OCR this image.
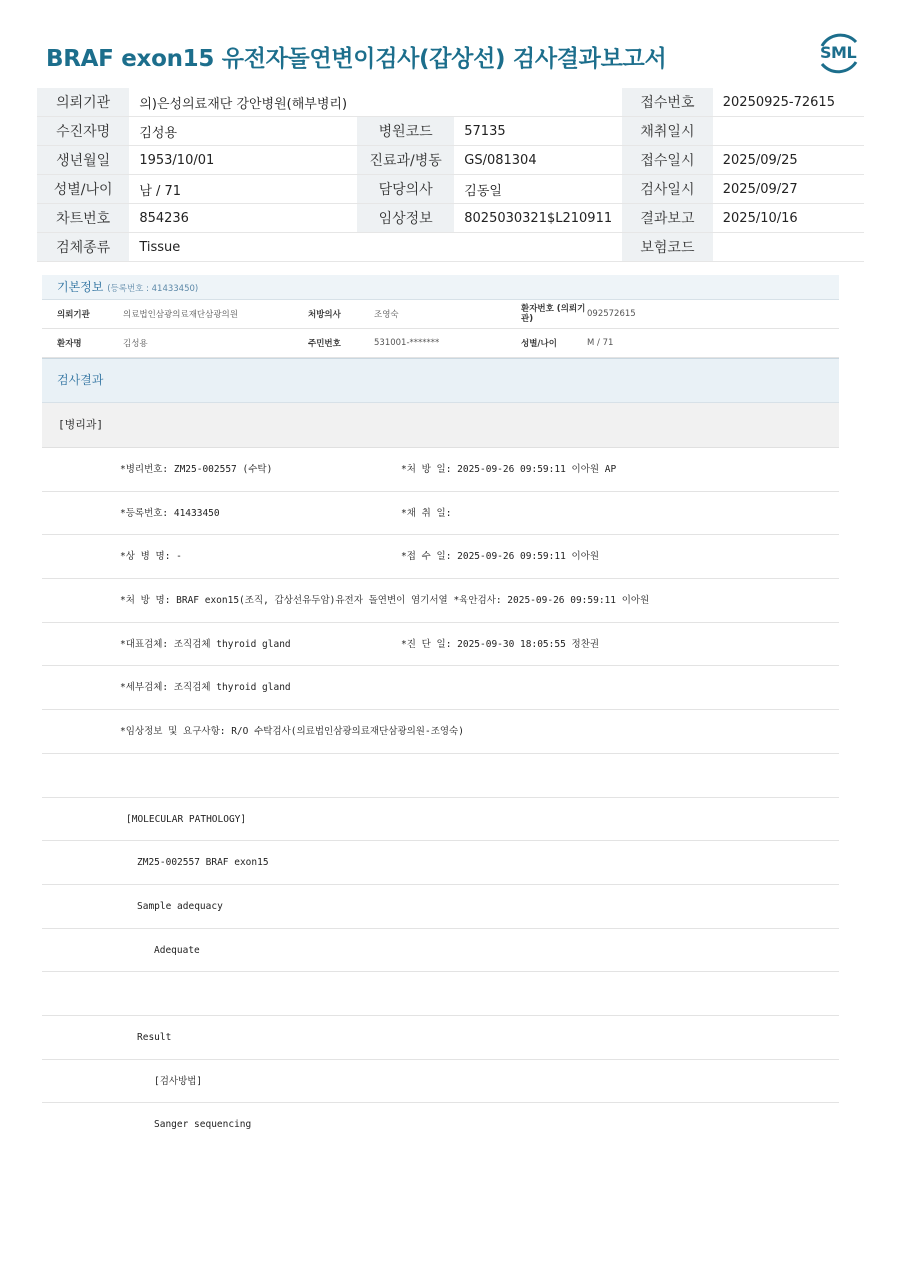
BRAF exon15 유전자돌연변이검사(갑상선) 검사결과보고서	SML
의뢰기관	의)은성의료재단 강안병원(해부병리)			접수번호	20250925-72615
수진자명	김성용	병원코드	57135	채취일시	
생년월일	1953/10/01	진료과/병동	GS/081304	접수일시	2025/09/25
성별/나이	남 / 71	담당의사	김동일	검사일시	2025/09/27
차트번호	854236	임상정보	8025030321$L210911	결과보고	2025/10/16
검체종류	Tissue			보험코드	
기본정보 (등록번호 : 41433450)
의뢰기관	의료법인삼광의료재단삼광의원	처방의사	조영숙	환자번호 (의뢰기관)	092572615
환자명	김성용	주민번호	531001-*******	성별/나이	M / 71
검사결과
[병리과]
*병리번호: ZM25-002557 (수탁)	*처 방 일: 2025-09-26 09:59:11 이아원 AP
*등록번호: 41433450	*채 취 일:
*상 병 명: -	*접 수 일: 2025-09-26 09:59:11 이아원
*처 방 명: BRAF exon15(조직, 갑상선유두암)유전자 돌연변이 염기서열 *육안검사: 2025-09-26 09:59:11 이아원
*대표검체: 조직검체 thyroid gland	*진 단 일: 2025-09-30 18:05:55 정찬권
*세부검체: 조직검체 thyroid gland
*임상정보 및 요구사항: R/O 수탁검사(의료법인삼광의료재단삼광의원-조영숙)
[MOLECULAR PATHOLOGY]
ZM25-002557 BRAF exon15
Sample adequacy
Adequate
Result
[검사방법]
Sanger sequencing
